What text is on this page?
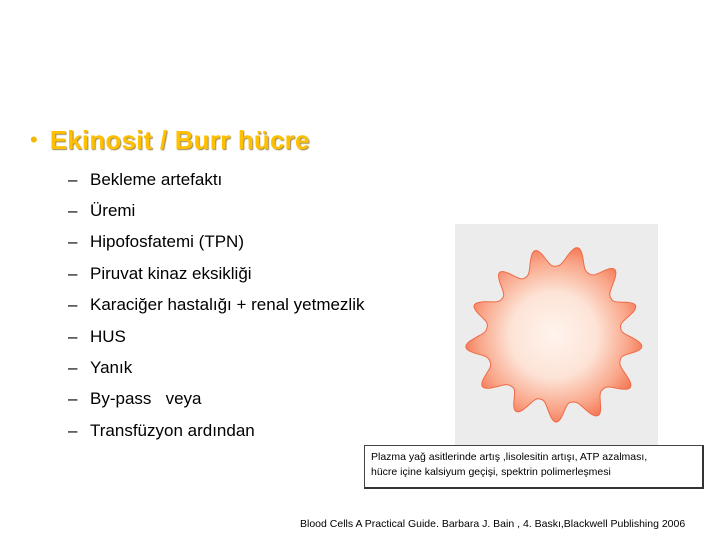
• Ekinosit / Burr hücre
– Bekleme artefaktı
– Üremi
– Hipofosfatemi (TPN)
– Piruvat kinaz eksikliği
– Karaciğer hastalığı + renal yetmezlik
– HUS
– Yanık
– By-pass   veya
– Transfüzyon ardından
Plazma yağ asitlerinde artış ,lisolesitin artışı, ATP azalması,
hücre içine kalsiyum geçişi, spektrin polimerleşmesi
Blood Cells A Practical Guide. Barbara J. Bain , 4. Baskı,Blackwell Publishing 2006
